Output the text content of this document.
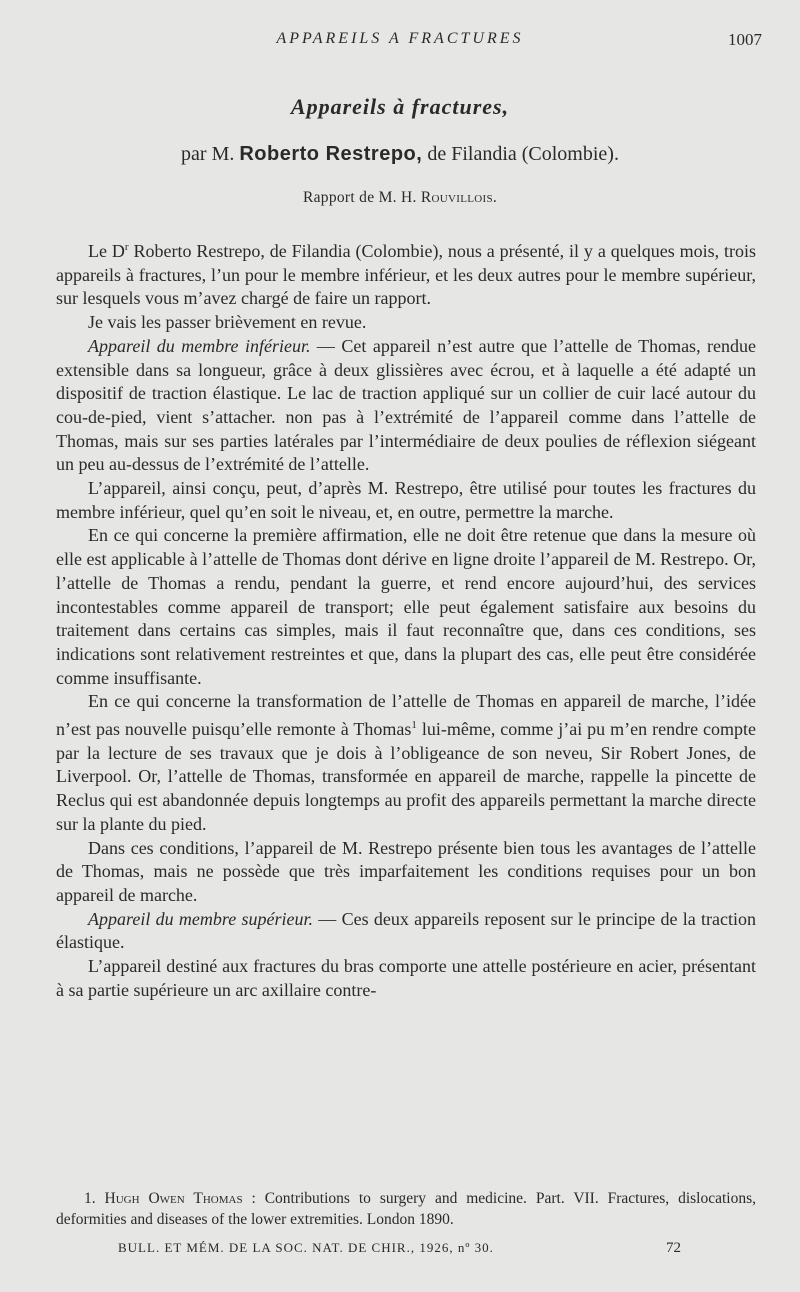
APPAREILS A FRACTURES	1007
Appareils à fractures,
par M. Roberto Restrepo, de Filandia (Colombie).
Rapport de M. H. Rouvillois.

Le $D^r$ Roberto Restrepo, de Filandia (Colombie), nous a présenté, il y a quelques mois, trois appareils à fractures, l’un pour le membre inférieur, et les deux autres pour le membre supérieur, sur lesquels vous m’avez chargé de faire un rapport.

Je vais les passer brièvement en revue.

Appareil du membre inférieur. — Cet appareil n’est autre que l’attelle de Thomas, rendue extensible dans sa longueur, grâce à deux glissières avec écrou, et à laquelle a été adapté un dispositif de traction élastique. Le lac de traction appliqué sur un collier de cuir lacé autour du cou-de-pied, vient s’attacher. non pas à l’extrémité de l’appareil comme dans l’attelle de Thomas, mais sur ses parties latérales par l’intermédiaire de deux poulies de réflexion siégeant un peu au-dessus de l’extrémité de l’attelle.

L’appareil, ainsi conçu, peut, d’après M. Restrepo, être utilisé pour toutes les fractures du membre inférieur, quel qu’en soit le niveau, et, en outre, permettre la marche.

En ce qui concerne la première affirmation, elle ne doit être retenue que dans la mesure où elle est applicable à l’attelle de Thomas dont dérive en ligne droite l’appareil de M. Restrepo. Or, l’attelle de Thomas a rendu, pendant la guerre, et rend encore aujourd’hui, des services incontestables comme appareil de transport; elle peut également satisfaire aux besoins du traitement dans certains cas simples, mais il faut reconnaître que, dans ces conditions, ses indications sont relativement restreintes et que, dans la plupart des cas, elle peut être considérée comme insuffisante.

En ce qui concerne la transformation de l’attelle de Thomas en appareil de marche, l’idée n’est pas nouvelle puisqu’elle remonte à Thomas$^1$ lui-même, comme j’ai pu m’en rendre compte par la lecture de ses travaux que je dois à l’obligeance de son neveu, Sir Robert Jones, de Liverpool. Or, l’attelle de Thomas, transformée en appareil de marche, rappelle la pincette de Reclus qui est abandonnée depuis longtemps au profit des appareils permettant la marche directe sur la plante du pied.

Dans ces conditions, l’appareil de M. Restrepo présente bien tous les avantages de l’attelle de Thomas, mais ne possède que très imparfaitement les conditions requises pour un bon appareil de marche.

Appareil du membre supérieur. — Ces deux appareils reposent sur le principe de la traction élastique.

L’appareil destiné aux fractures du bras comporte une attelle postérieure en acier, présentant à sa partie supérieure un arc axillaire contre-

1. Hugh Owen Thomas : Contributions to surgery and medicine. Part. VII. Fractures, dislocations, deformities and diseases of the lower extremities. London 1890.
BULL. ET MÉM. DE LA SOC. NAT. DE CHIR., 1926, nº 30.	72
